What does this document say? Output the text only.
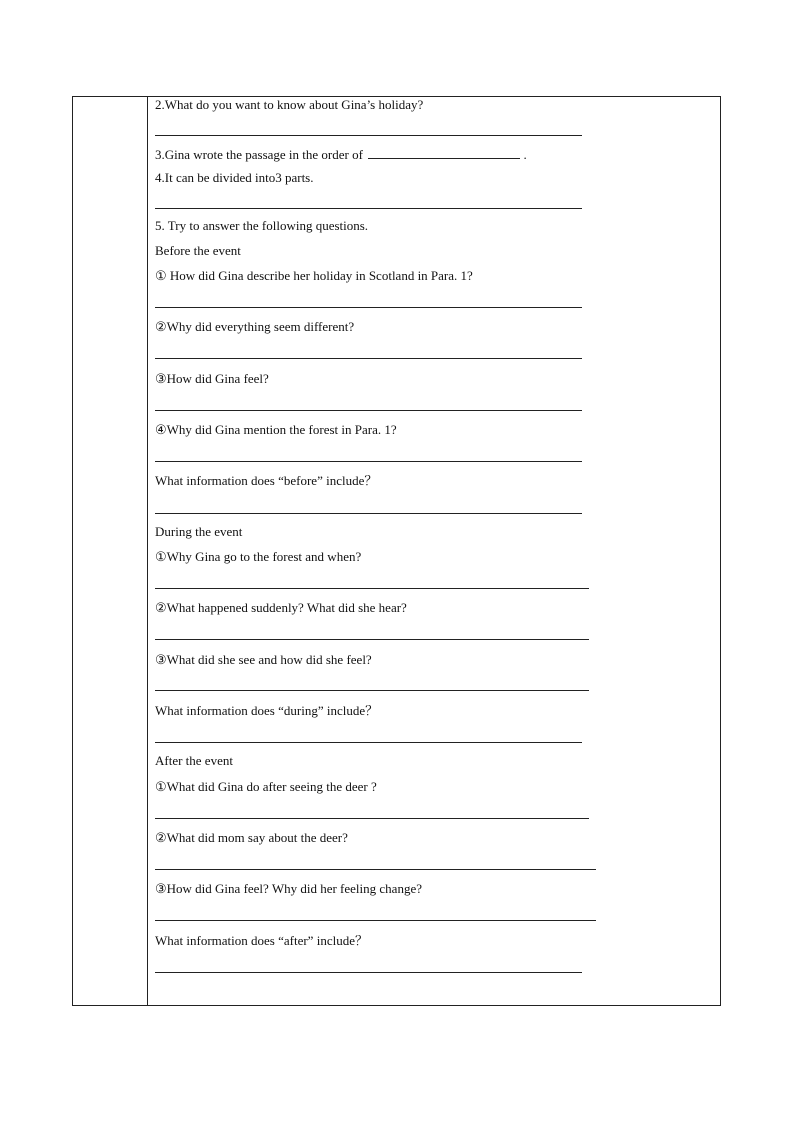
2.What do you want to know about Gina’s holiday?
3.Gina wrote the passage in the order of	.
4.It can be divided into3 parts.
5. Try to answer the following questions.
Before the event
① How did Gina describe her holiday in Scotland in Para. 1?
②Why did everything seem different?
③How did Gina feel?
④Why did Gina mention the forest in Para. 1?
What information does “before” include？
During the event
①Why Gina go to the forest and when?
②What happened suddenly? What did she hear?
③What did she see and how did she feel?
What information does “during” include？
After the event
①What did Gina do after seeing the deer ?
②What did mom say about the deer?
③How did Gina feel? Why did her feeling change?
What information does “after” include？
